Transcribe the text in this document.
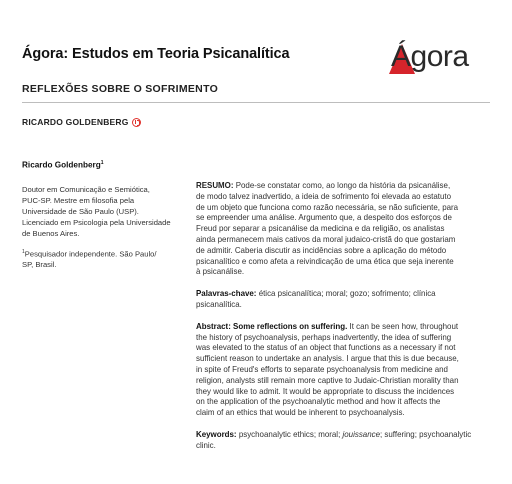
Ágora: Estudos em Teoria Psicanalítica	Ágora
REFLEXÕES SOBRE O SOFRIMENTO
RICARDO GOLDENBERG
Ricardo Goldenberg$^1$
Doutor em Comunicação e Semiótica,
PUC-SP. Mestre em filosofia pela
Universidade de São Paulo (USP).
Licenciado em Psicologia pela Universidade
de Buenos Aires.
$^1$Pesquisador independente. São Paulo/
SP, Brasil.
RESUMO: Pode-se constatar como, ao longo da história da psicanálise,
de modo talvez inadvertido, a ideia de sofrimento foi elevada ao estatuto
de um objeto que funciona como razão necessária, se não suficiente, para
se empreender uma análise. Argumento que, a despeito dos esforços de
Freud por separar a psicanálise da medicina e da religião, os analistas
ainda permanecem mais cativos da moral judaico-cristã do que gostariam
de admitir. Caberia discutir as incidências sobre a aplicação do método
psicanalítico e como afeta a reivindicação de uma ética que seja inerente
à psicanálise.
Palavras-chave: ética psicanalítica; moral; gozo; sofrimento; clínica
psicanalítica.
Abstract: Some reflections on suffering. It can be seen how, throughout
the history of psychoanalysis, perhaps inadvertently, the idea of suffering
was elevated to the status of an object that functions as a necessary if not
sufficient reason to undertake an analysis. I argue that this is due because,
in spite of Freud's efforts to separate psychoanalysis from medicine and
religion, analysts still remain more captive to Judaic-Christian morality than
they would like to admit. It would be appropriate to discuss the incidences
on the application of the psychoanalytic method and how it affects the
claim of an ethics that would be inherent to psychoanalysis.
Keywords: psychoanalytic ethics; moral; jouissance; suffering; psychoanalytic
clinic.
